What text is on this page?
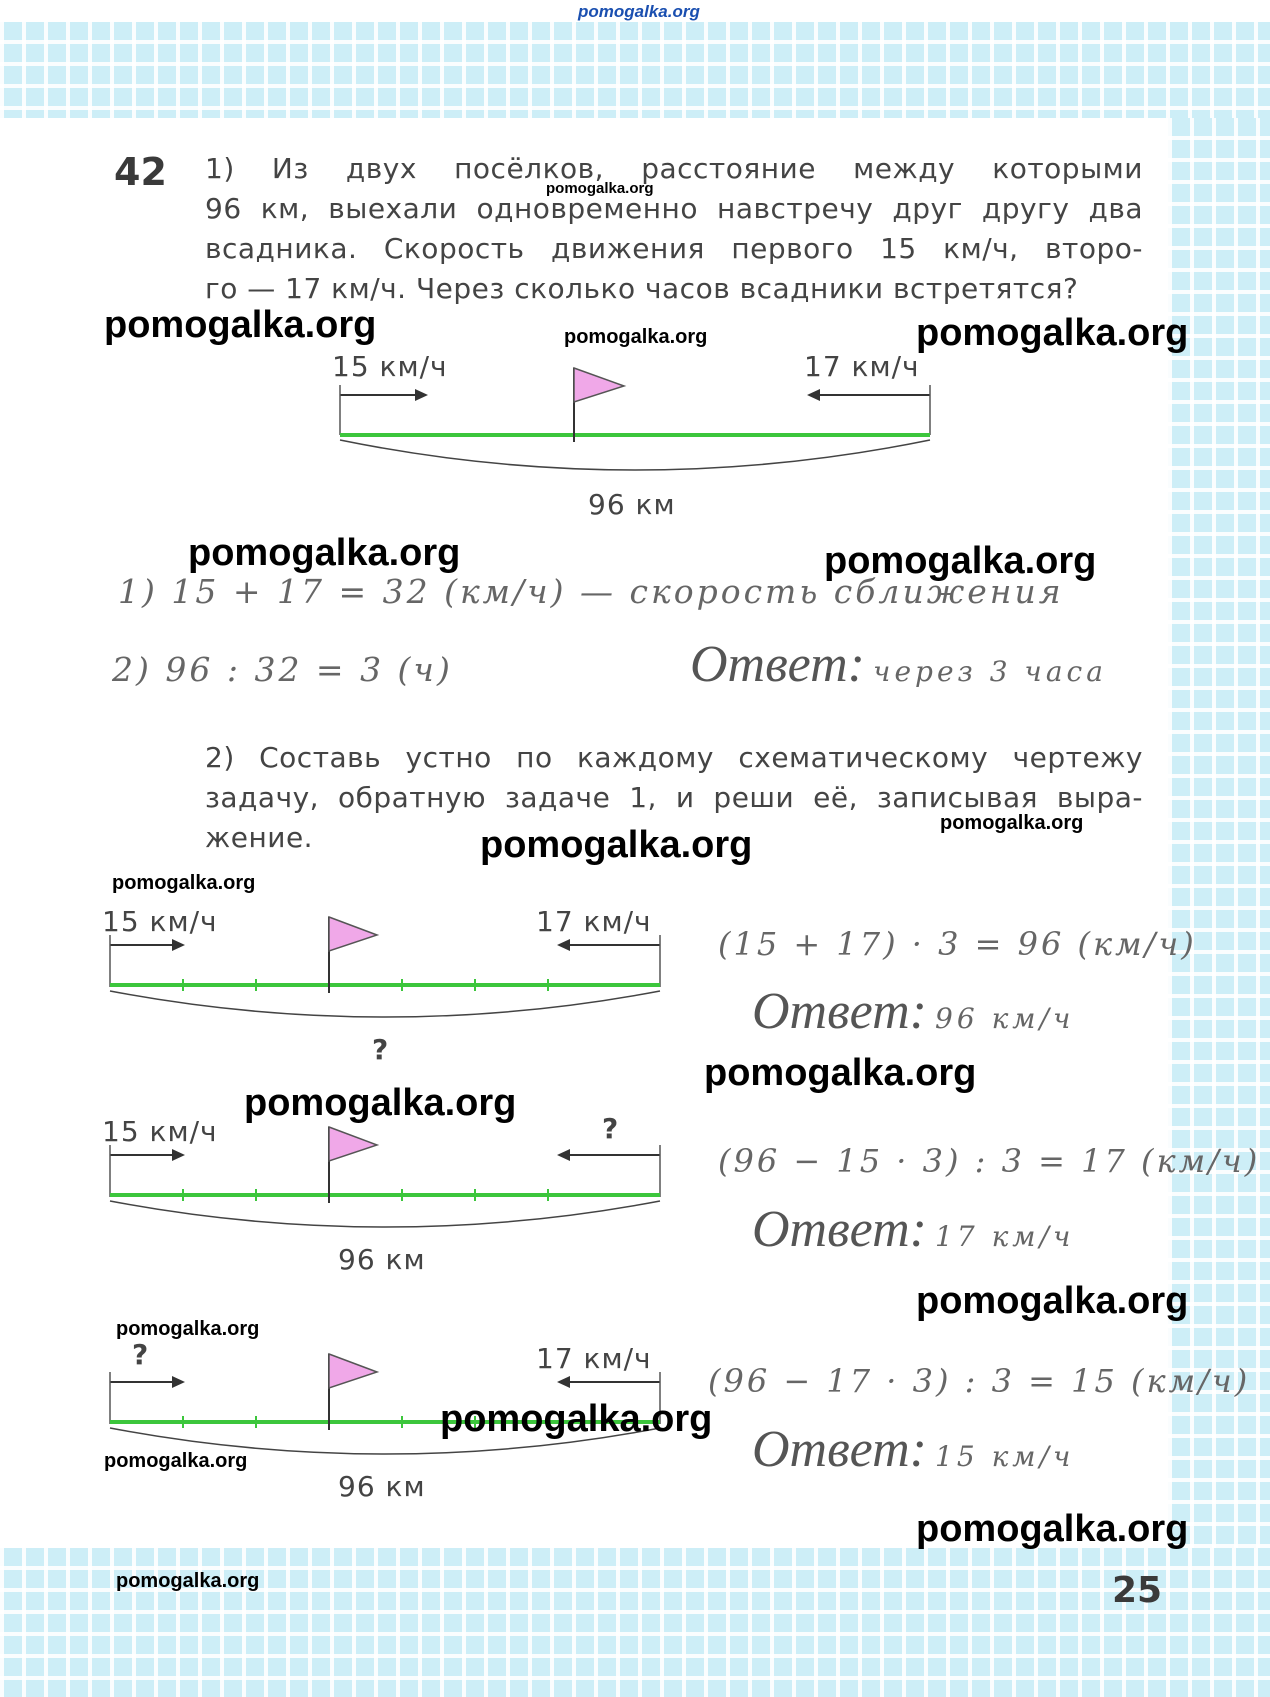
pomogalka.org
42 1) Из двух посёлков, расстояние между которыми
96 км, выехали одновременно навстречу друг другу два
всадника. Скорость движения первого 15 км/ч, второ-
го — 17 км/ч. Через сколько часов всадники встретятся?
15 км/ч	17 км/ч
96 км
1) 15 + 17 = 32 (км/ч) — скорость сближения
2) 96 : 32 = 3 (ч)	Ответ: через 3 часа
2) Составь устно по каждому схематическому чертежу
задачу, обратную задаче 1, и реши её, записывая выра-
жение.
15 км/ч	17 км/ч
?
(15 + 17) · 3 = 96 (км/ч)
Ответ: 96 км/ч
15 км/ч	?
96 км
(96 − 15 · 3) : 3 = 17 (км/ч)
Ответ: 17 км/ч
?	17 км/ч
96 км
(96 − 17 · 3) : 3 = 15 (км/ч)
Ответ: 15 км/ч
25
pomogalka.org
pomogalka.org	pomogalka.org	pomogalka.org
pomogalka.org	pomogalka.org
pomogalka.org
pomogalka.org
pomogalka.org
pomogalka.org
pomogalka.org
pomogalka.org
pomogalka.org
pomogalka.org
pomogalka.org
pomogalka.org
pomogalka.org
